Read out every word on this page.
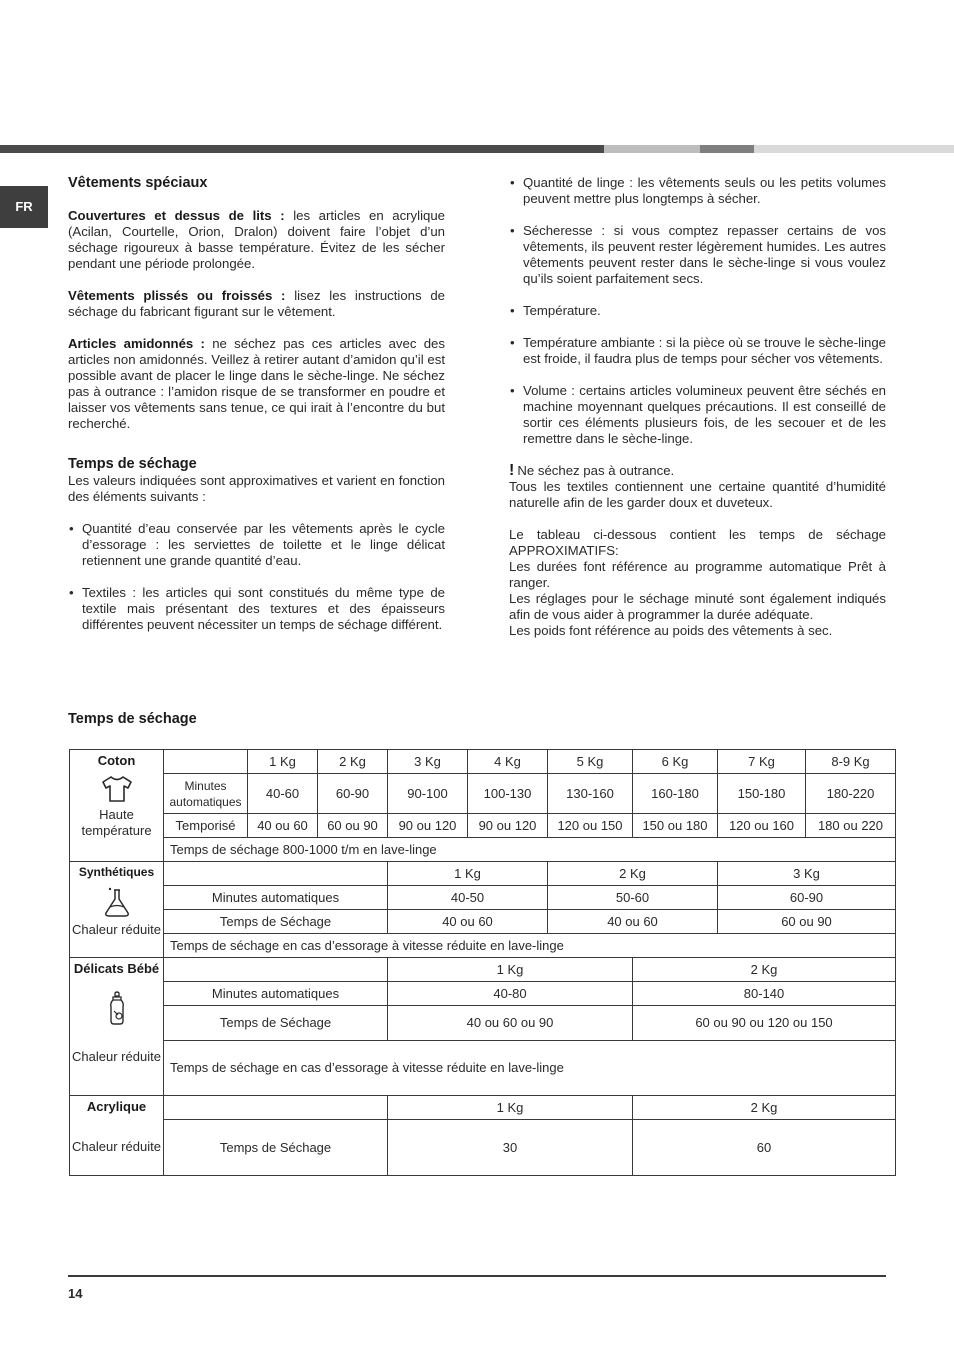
FR
Vêtements spéciaux

Couvertures et dessus de lits : les articles en acrylique (Acilan, Courtelle, Orion, Dralon) doivent faire l’objet d’un séchage rigoureux à basse température. Évitez de les sécher pendant une période prolongée.

Vêtements plissés ou froissés : lisez les instructions de séchage du fabricant figurant sur le vêtement.

Articles amidonnés : ne séchez pas ces articles avec des articles non amidonnés. Veillez à retirer autant d’amidon qu’il est possible avant de placer le linge dans le sèche-linge. Ne séchez pas à outrance : l’amidon risque de se transformer en poudre et laisser vos vêtements sans tenue, ce qui irait à l’encontre du but recherché.

Temps de séchage

Les valeurs indiquées sont approximatives et varient en fonction des éléments suivants :

• Quantité d’eau conservée par les vêtements après le cycle d’essorage : les serviettes de toilette et le linge délicat retiennent une grande quantité d’eau.
• Textiles : les articles qui sont constitués du même type de textile mais présentant des textures et des épaisseurs différentes peuvent nécessiter un temps de séchage différent.
• Quantité de linge : les vêtements seuls ou les petits volumes peuvent mettre plus longtemps à sécher.
• Sécheresse : si vous comptez repasser certains de vos vêtements, ils peuvent rester légèrement humides. Les autres vêtements peuvent rester dans le sèche-linge si vous voulez qu’ils soient parfaitement secs.
• Température.
• Température ambiante : si la pièce où se trouve le sèche-linge est froide, il faudra plus de temps pour sécher vos vêtements.
• Volume : certains articles volumineux peuvent être séchés en machine moyennant quelques précautions. Il est conseillé de sortir ces éléments plusieurs fois, de les secouer et de les remettre dans le sèche-linge.

! Ne séchez pas à outrance.

Tous les textiles contiennent une certaine quantité d’humidité naturelle afin de les garder doux et duveteux.

Le tableau ci-dessous contient les temps de séchage APPROXIMATIFS:

Les durées font référence au programme automatique Prêt à ranger.

Les réglages pour le séchage minuté sont également indiqués afin de vous aider à programmer la durée adéquate.

Les poids font référence au poids des vêtements à sec.

Temps de séchage
Coton
Haute température		1 Kg	2 Kg	3 Kg	4 Kg	5 Kg	6 Kg	7 Kg	8-9 Kg
	Minutes automatiques	40-60	60-90	90-100	100-130	130-160	160-180	150-180	180-220
	Temporisé	40 ou 60	60 ou 90	90 ou 120	90 ou 120	120 ou 150	150 ou 180	120 ou 160	180 ou 220
	Temps de séchage 800-1000 t/m en lave-linge								

Synthétiques
Chaleur réduite				1 Kg		2 Kg		3 Kg	
	Minutes automatiques			40-50		50-60		60-90	
	Temps de Séchage			40 ou 60		40 ou 60		60 ou 90	
	Temps de séchage en cas d’essorage à vitesse réduite en lave-linge								

Délicats Bébé
Chaleur réduite				1 Kg			2 Kg		
	Minutes automatiques			40-80			80-140		
	Temps de Séchage			40 ou 60 ou 90			60 ou 90 ou 120 ou 150		
	Temps de séchage en cas d’essorage à vitesse réduite en lave-linge								

Acrylique
Chaleur réduite				1 Kg			2 Kg		
	Temps de Séchage			30			60		
14
